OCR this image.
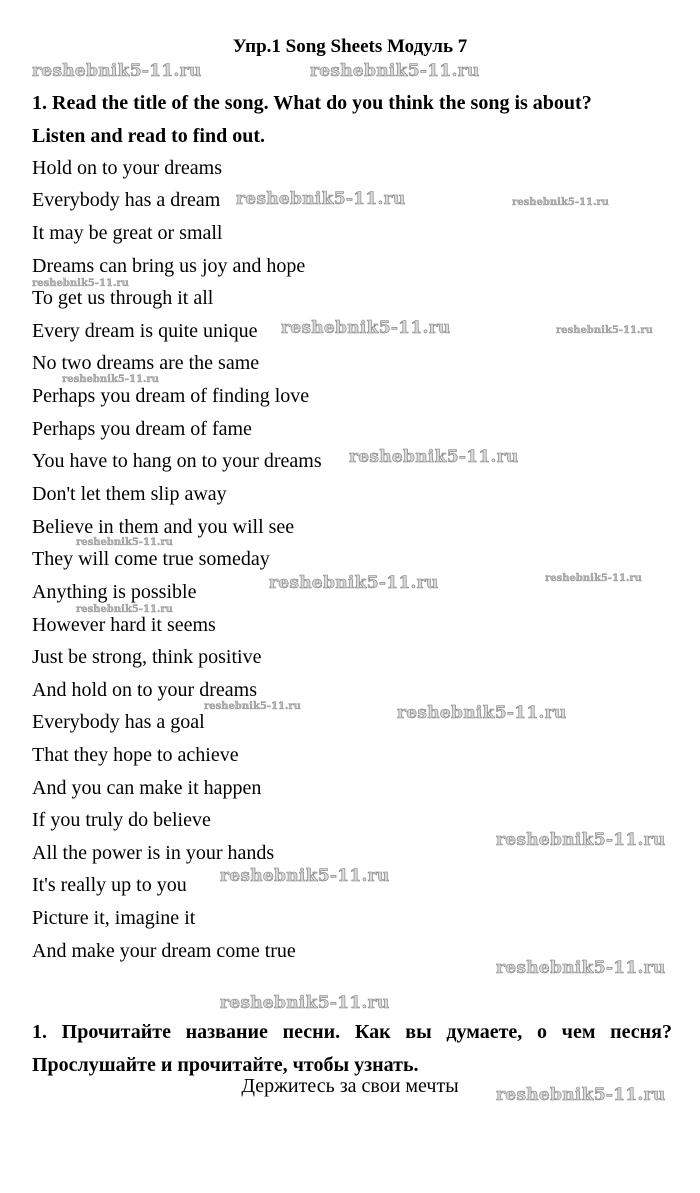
Упр.1 Song Sheets Модуль 7
1. Read the title of the song. What do you think the song is about?
Listen and read to find out.
Hold on to your dreams
Everybody has a dream
It may be great or small
Dreams can bring us joy and hope
To get us through it all
Every dream is quite unique
No two dreams are the same
Perhaps you dream of finding love
Perhaps you dream of fame
You have to hang on to your dreams
Don't let them slip away
Believe in them and you will see
They will come true someday
Anything is possible
However hard it seems
Just be strong, think positive
And hold on to your dreams
Everybody has a goal
That they hope to achieve
And you can make it happen
If you truly do believe
All the power is in your hands
It's really up to you
Picture it, imagine it
And make your dream come true
1. Прочитайте название песни. Как вы думаете, о чем песня?
Прослушайте и прочитайте, чтобы узнать.
Держитесь за свои мечты
reshebnik5-11.ru	reshebnik5-11.ru
reshebnik5-11.ru	reshebnik5-11.ru
reshebnik5-11.ru
reshebnik5-11.ru	reshebnik5-11.ru
reshebnik5-11.ru
reshebnik5-11.ru
reshebnik5-11.ru
reshebnik5-11.ru	reshebnik5-11.ru
reshebnik5-11.ru
reshebnik5-11.ru	reshebnik5-11.ru
reshebnik5-11.ru
reshebnik5-11.ru
reshebnik5-11.ru
reshebnik5-11.ru
reshebnik5-11.ru
